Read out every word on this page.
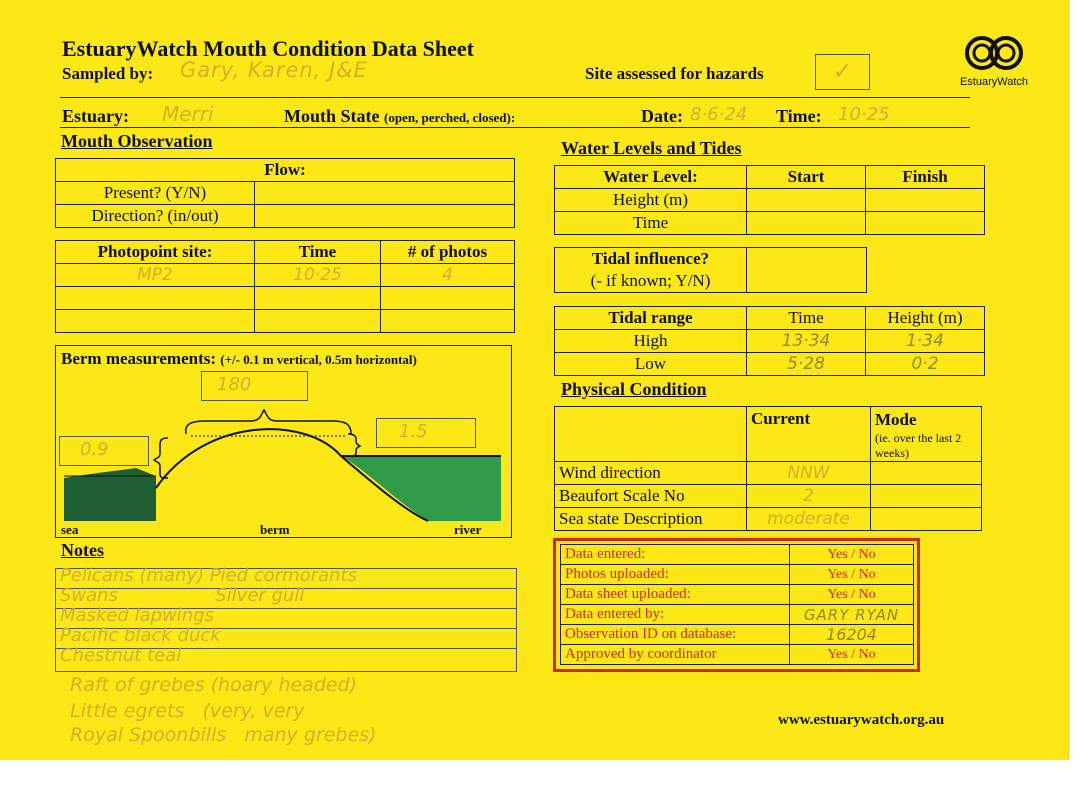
EstuaryWatch Mouth Condition Data Sheet
Sampled by: Gary, Karen, J&E	Site assessed for hazards	✓	EstuaryWatch
Estuary: Merri	Mouth State (open, perched, closed):	Date: 8·6·24 Time: 10·25
Mouth Observation
Flow:	
Present? (Y/N)	
Direction? (in/out)	
Photopoint site:	Time	# of photos
MP2	10·25	4

Berm measurements: (+/- 0.1 m vertical, 0.5m horizontal)
180
0.9
1.5
sea	berm	river
Notes
Pelicans (many) Pied cormorants
Swans                 Silver gull
Masked lapwings
Pacific black duck
Chestnut teal
Raft of grebes (hoary headed)
Little egrets   (very, very
Royal Spoonbills   many grebes)
Water Levels and Tides
Water Level:	Start	Finish
Height (m)		
Time		
Tidal influence?
(- if known; Y/N)

Tidal range	Time	Height (m)
High	13·34	1·34
Low	5·28	0·2
Physical Condition
	Current	Mode
(ie. over the last 2 weeks)

Wind direction	NNW	
Beaufort Scale No	2	
Sea state Description	moderate	
Data entered:	Yes / No
Photos uploaded:	Yes / No
Data sheet uploaded:	Yes / No
Data entered by:	GARY RYAN
Observation ID on database:	16204
Approved by coordinator	Yes / No
www.estuarywatch.org.au
